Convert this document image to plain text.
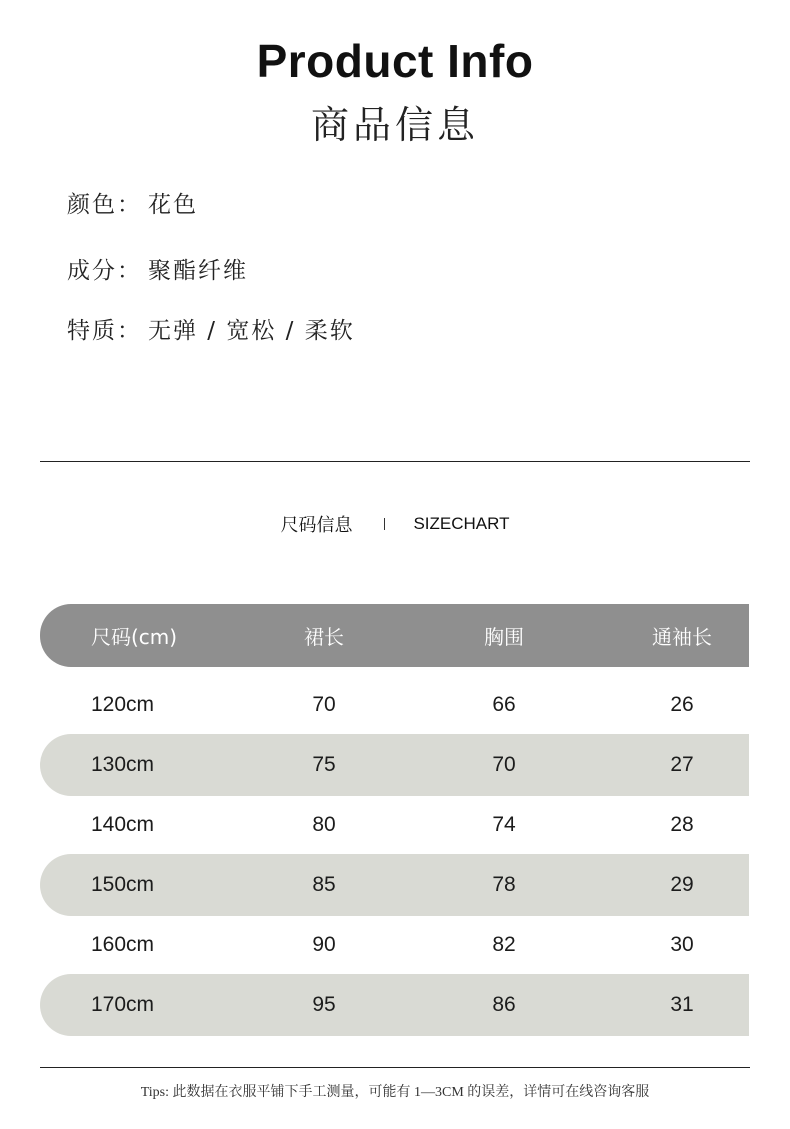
Product Info
商品信息
颜色： 花色
成分： 聚酯纤维
特质： 无弹 / 宽松 / 柔软
尺码信息	SIZECHART
尺码(cm)	裙长	胸围	通袖长
120cm	70	66	26
130cm	75	70	27
140cm	80	74	28
150cm	85	78	29
160cm	90	82	30
170cm	95	86	31
Tips: 此数据在衣服平铺下手工测量，可能有 1—3CM 的误差，详情可在线咨询客服
